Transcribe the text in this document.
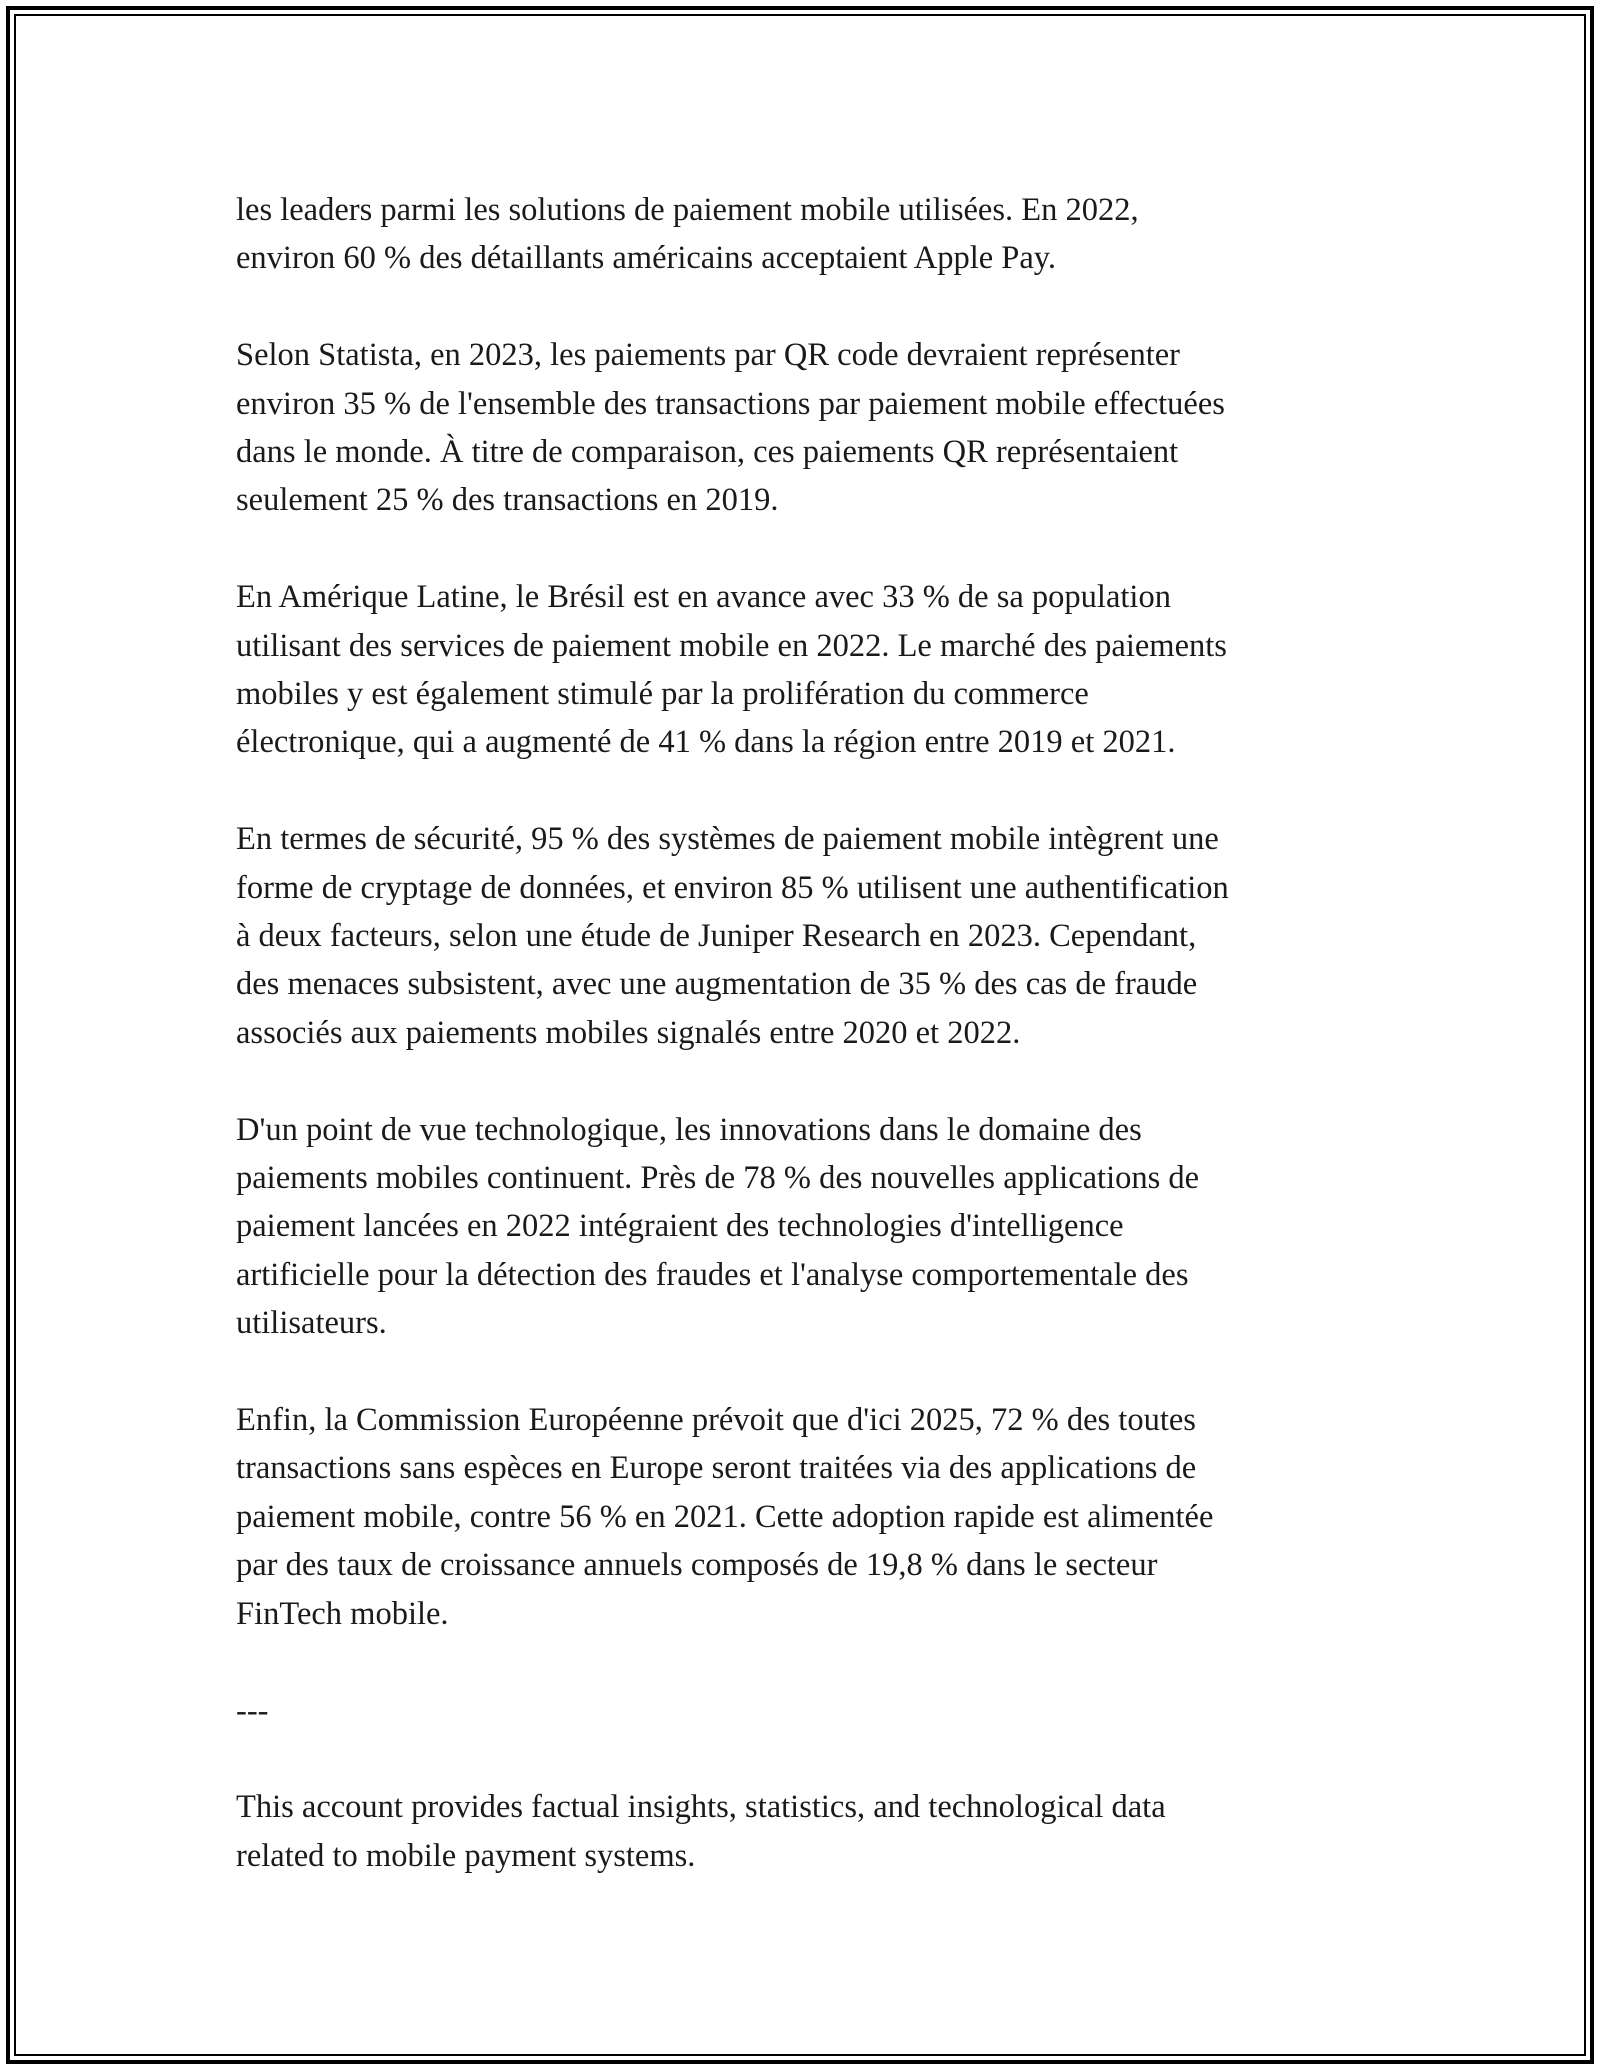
les leaders parmi les solutions de paiement mobile utilisées. En 2022,
environ 60 % des détaillants américains acceptaient Apple Pay.

Selon Statista, en 2023, les paiements par QR code devraient représenter
environ 35 % de l'ensemble des transactions par paiement mobile effectuées
dans le monde. À titre de comparaison, ces paiements QR représentaient
seulement 25 % des transactions en 2019.

En Amérique Latine, le Brésil est en avance avec 33 % de sa population
utilisant des services de paiement mobile en 2022. Le marché des paiements
mobiles y est également stimulé par la prolifération du commerce
électronique, qui a augmenté de 41 % dans la région entre 2019 et 2021.

En termes de sécurité, 95 % des systèmes de paiement mobile intègrent une
forme de cryptage de données, et environ 85 % utilisent une authentification
à deux facteurs, selon une étude de Juniper Research en 2023. Cependant,
des menaces subsistent, avec une augmentation de 35 % des cas de fraude
associés aux paiements mobiles signalés entre 2020 et 2022.

D'un point de vue technologique, les innovations dans le domaine des
paiements mobiles continuent. Près de 78 % des nouvelles applications de
paiement lancées en 2022 intégraient des technologies d'intelligence
artificielle pour la détection des fraudes et l'analyse comportementale des
utilisateurs.

Enfin, la Commission Européenne prévoit que d'ici 2025, 72 % des toutes
transactions sans espèces en Europe seront traitées via des applications de
paiement mobile, contre 56 % en 2021. Cette adoption rapide est alimentée
par des taux de croissance annuels composés de 19,8 % dans le secteur
FinTech mobile.

---

This account provides factual insights, statistics, and technological data
related to mobile payment systems.
